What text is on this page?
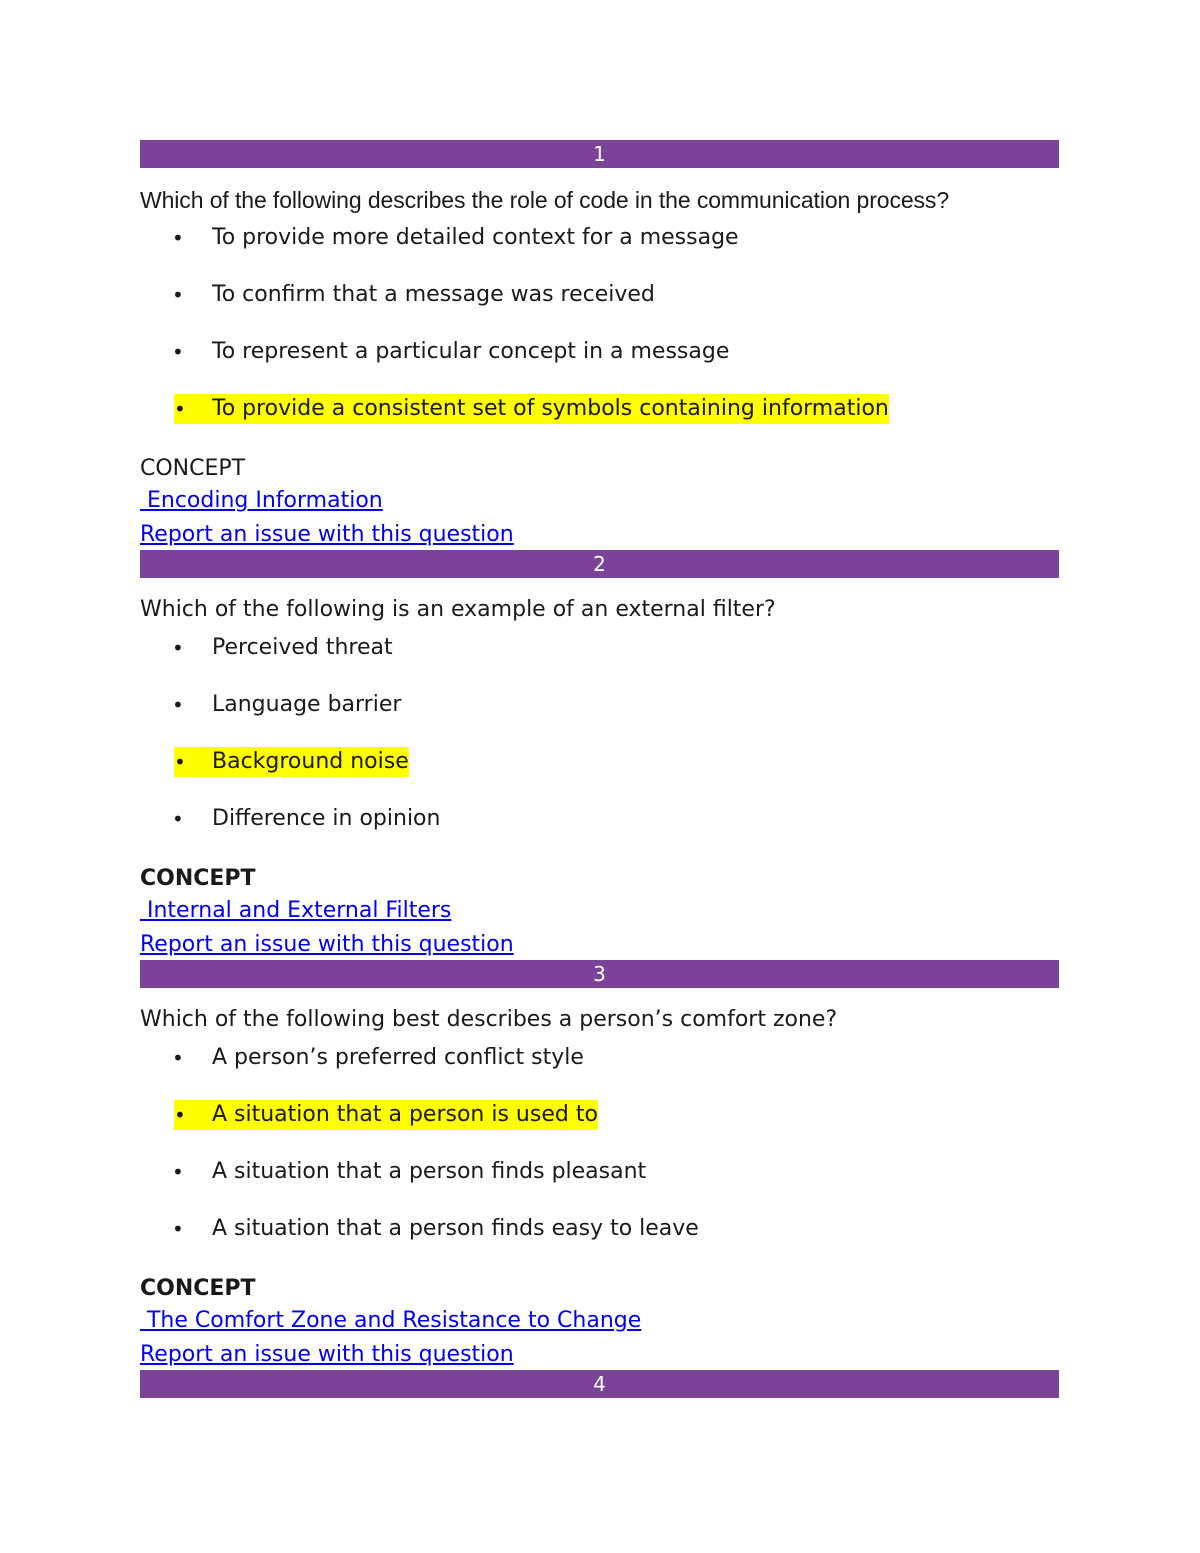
1
Which of the following describes the role of code in the communication process?
• To provide more detailed context for a message
• To confirm that a message was received
• To represent a particular concept in a message
•	To provide a consistent set of symbols containing information
CONCEPT
Encoding Information
Report an issue with this question
2
Which of the following is an example of an external filter?
• Perceived threat
• Language barrier
•	Background noise
• Difference in opinion
CONCEPT
Internal and External Filters
Report an issue with this question
3
Which of the following best describes a person’s comfort zone?
• A person’s preferred conflict style
•	A situation that a person is used to
• A situation that a person finds pleasant
• A situation that a person finds easy to leave
CONCEPT
The Comfort Zone and Resistance to Change
Report an issue with this question
4
